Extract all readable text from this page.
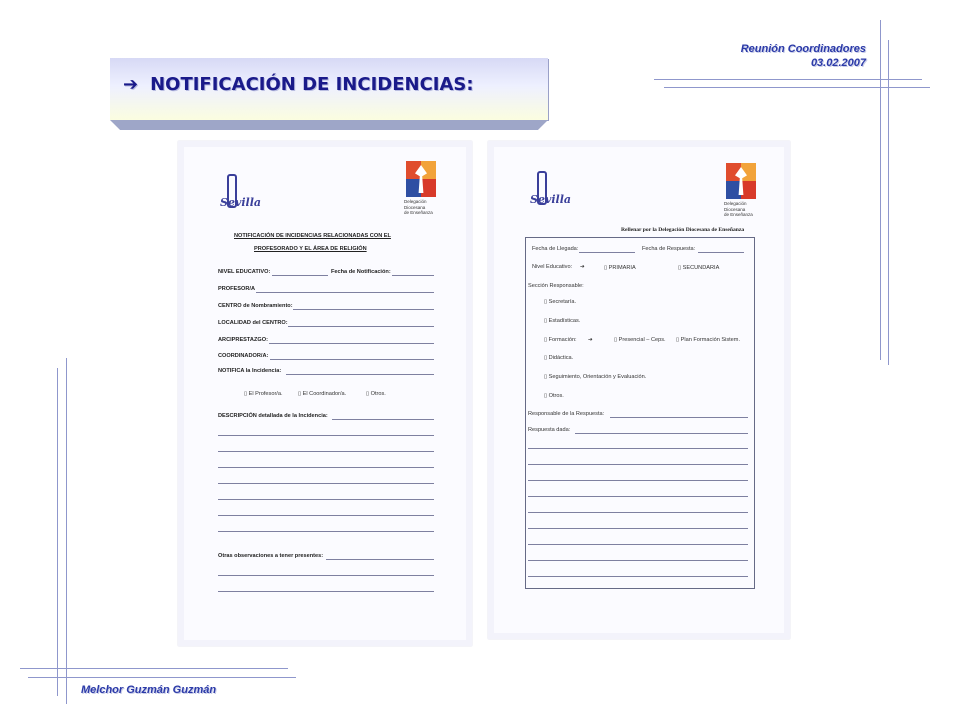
Reunión Coordinadores
03.02.2007
➔ NOTIFICACIÓN DE INCIDENCIAS:
Sevilla	Delegación
Diocesana
de Enseñanza
NOTIFICACIÓN DE INCIDENCIAS RELACIONADAS CON EL
PROFESORADO Y EL ÁREA DE RELIGIÓN
NIVEL EDUCATIVO:	Fecha de Notificación:
PROFESOR/A
CENTRO de Nombramiento:
LOCALIDAD del CENTRO:
ARCIPRESTAZGO:
COORDINADOR/A:
NOTIFICA la Incidencia:
▯ El Profesor/a.	▯ El Coordinador/a.	▯ Otros.
DESCRIPCIÓN detallada de la Incidencia:
Otras observaciones a tener presentes:
Sevilla	Delegación
Diocesana
de Enseñanza
Rellenar por la Delegación Diocesana de Enseñanza
Fecha de Llegada:	Fecha de Respuesta:
Nivel Educativo: ➔	▯ PRIMARIA	▯ SECUNDARIA
Sección Responsable:
▯ Secretaría.
▯ Estadísticas.
▯ Formación: ➔	▯ Presencial – Ceps. ▯ Plan Formación Sistem.
▯ Didáctica.
▯ Seguimiento, Orientación y Evaluación.
▯ Otros.
Responsable de la Respuesta:
Respuesta dada:
Melchor Guzmán Guzmán
